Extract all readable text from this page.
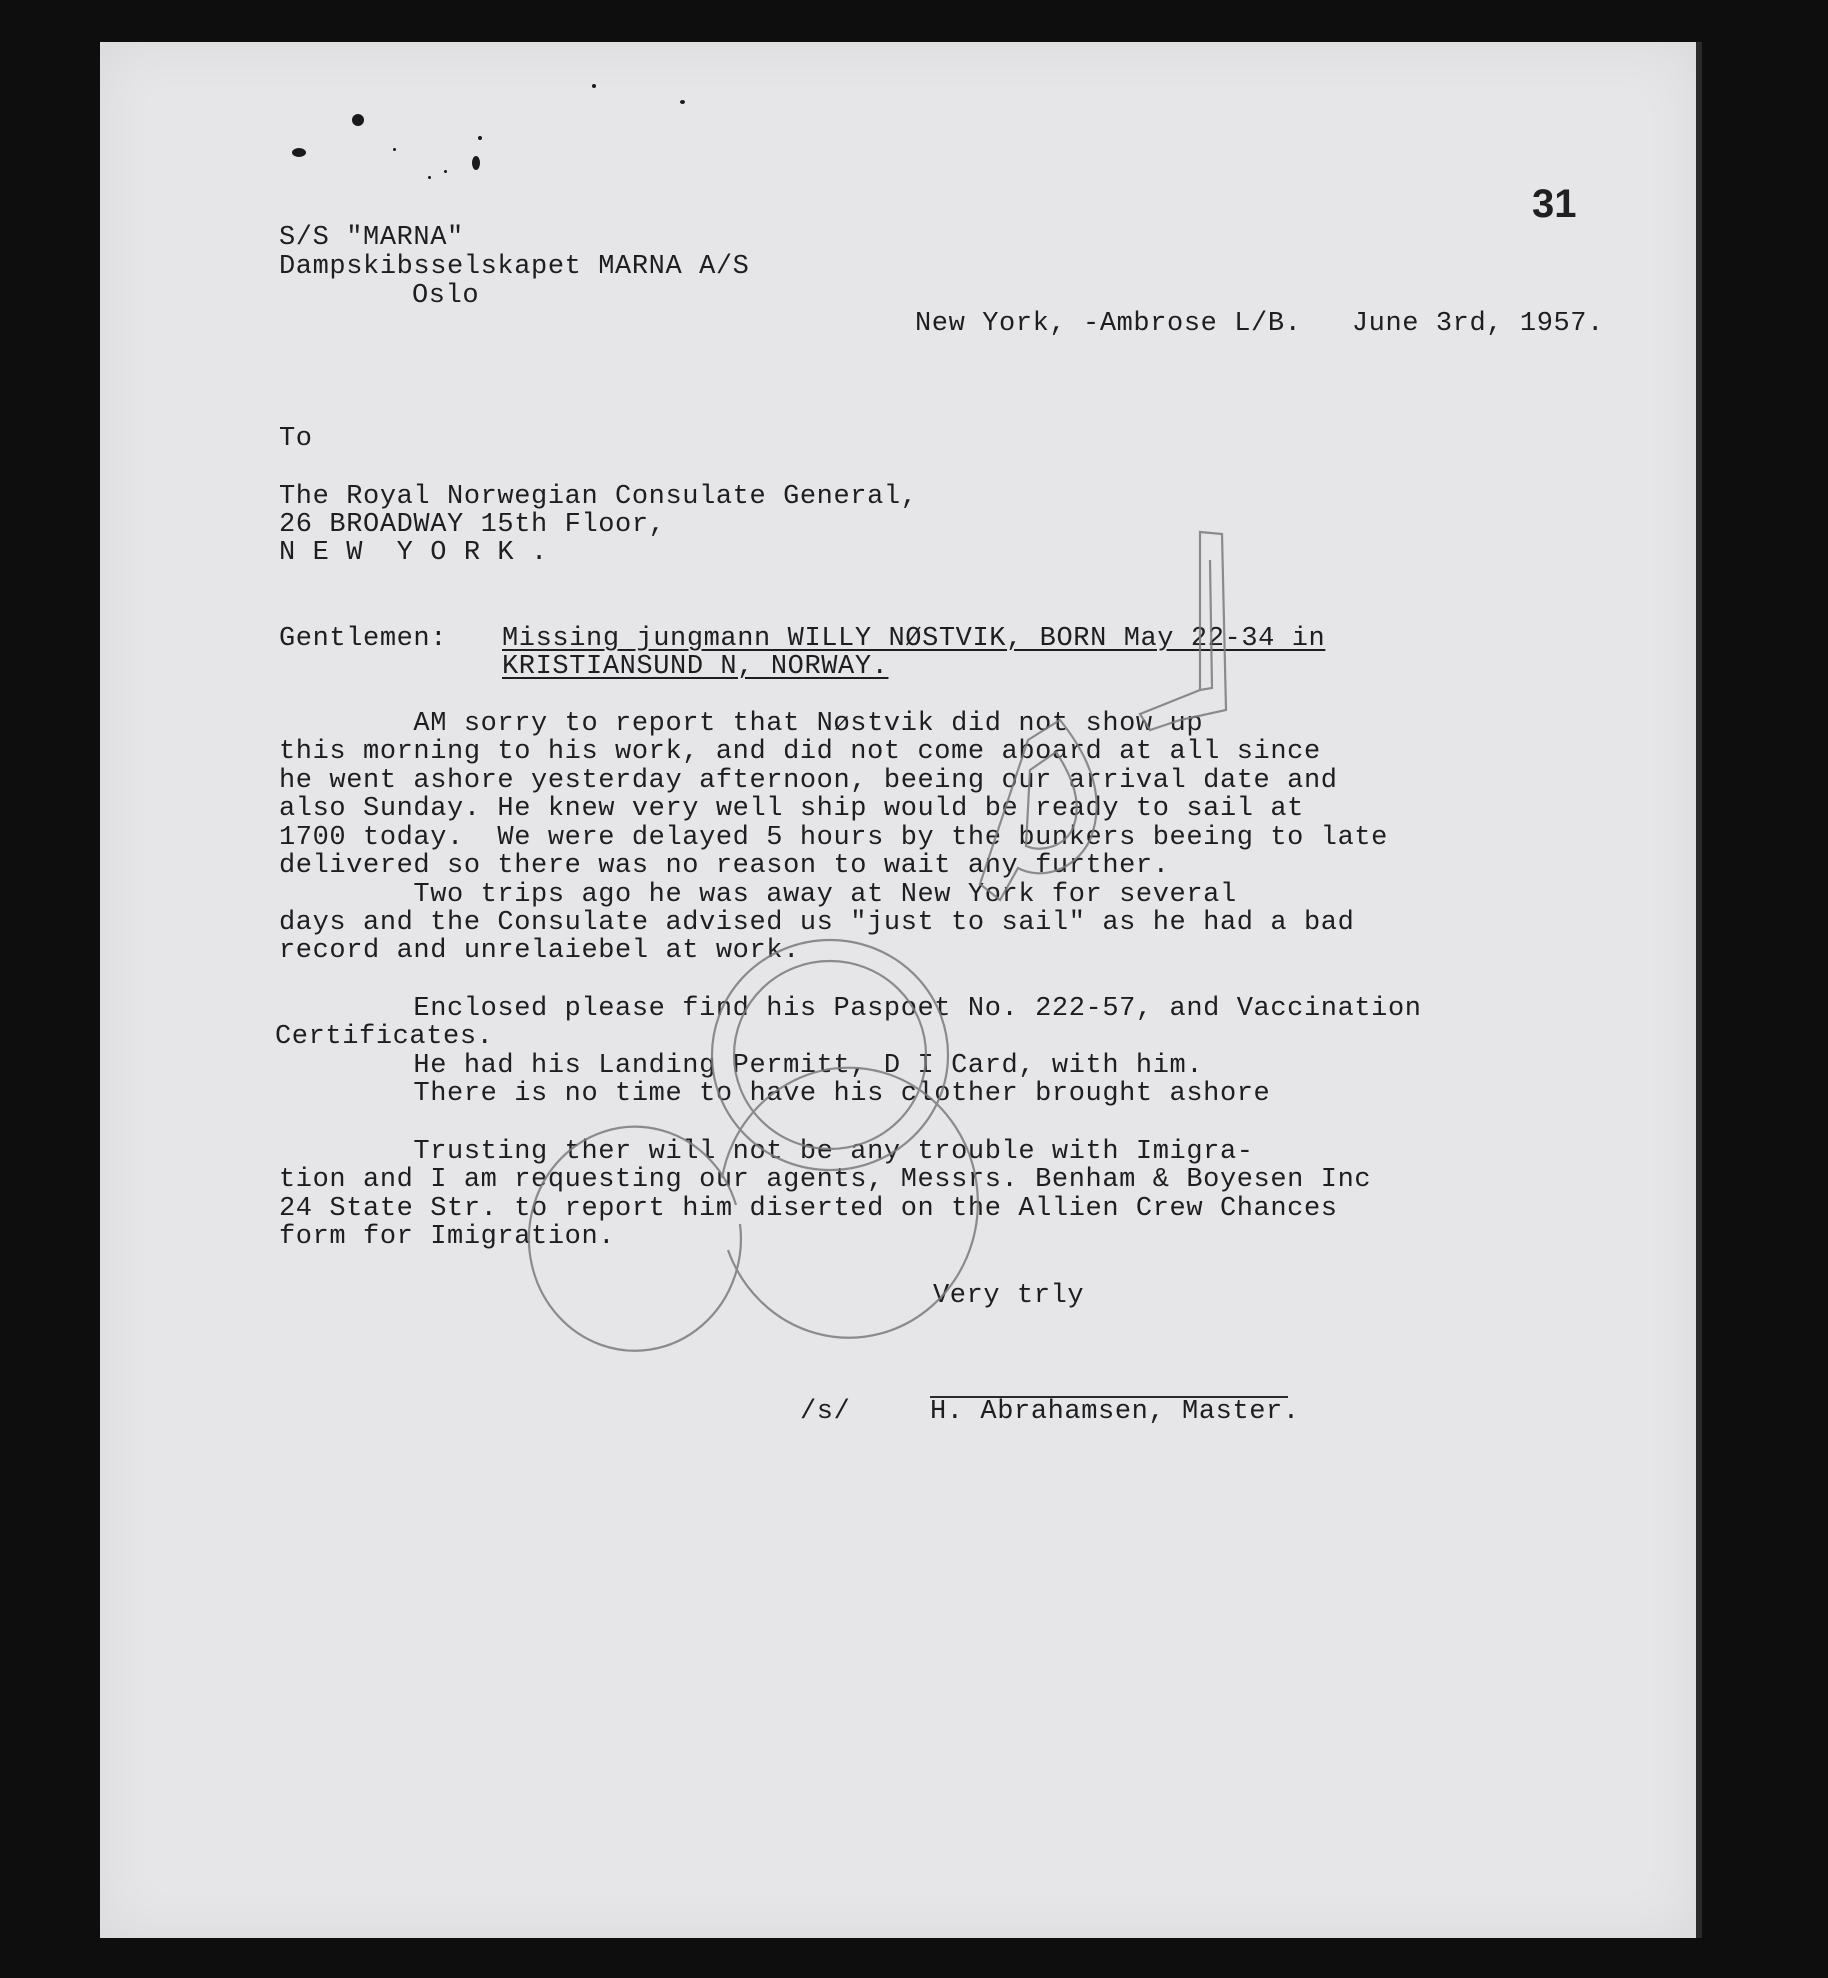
31
S/S "MARNA"
Dampskibsselskapet MARNA A/S
Oslo
New York, -Ambrose L/B.   June 3rd, 1957.
To
The Royal Norwegian Consulate General,
26 BROADWAY 15th Floor,
N E W  Y O R K .
Gentlemen: Missing jungmann WILLY NØSTVIK, BORN May 22-34 in
KRISTIANSUND N, NORWAY.
AM sorry to report that Nøstvik did not show up
this morning to his work, and did not come aboard at all since
he went ashore yesterday afternoon, beeing our arrival date and
also Sunday. He knew very well ship would be ready to sail at
1700 today.  We were delayed 5 hours by the bunkers beeing to late
delivered so there was no reason to wait any further.
Two trips ago he was away at New York for several
days and the Consulate advised us "just to sail" as he had a bad
record and unrelaiebel at work.
Enclosed please find his Paspoet No. 222-57, and Vaccination
Certificates.
He had his Landing Permitt, D I Card, with him.
There is no time to have his clother brought ashore
Trusting ther will not be any trouble with Imigra-
tion and I am requesting our agents, Messrs. Benham & Boyesen Inc
24 State Str. to report him diserted on the Allien Crew Chances
form for Imigration.
Very trly
/s/	H. Abrahamsen, Master.
